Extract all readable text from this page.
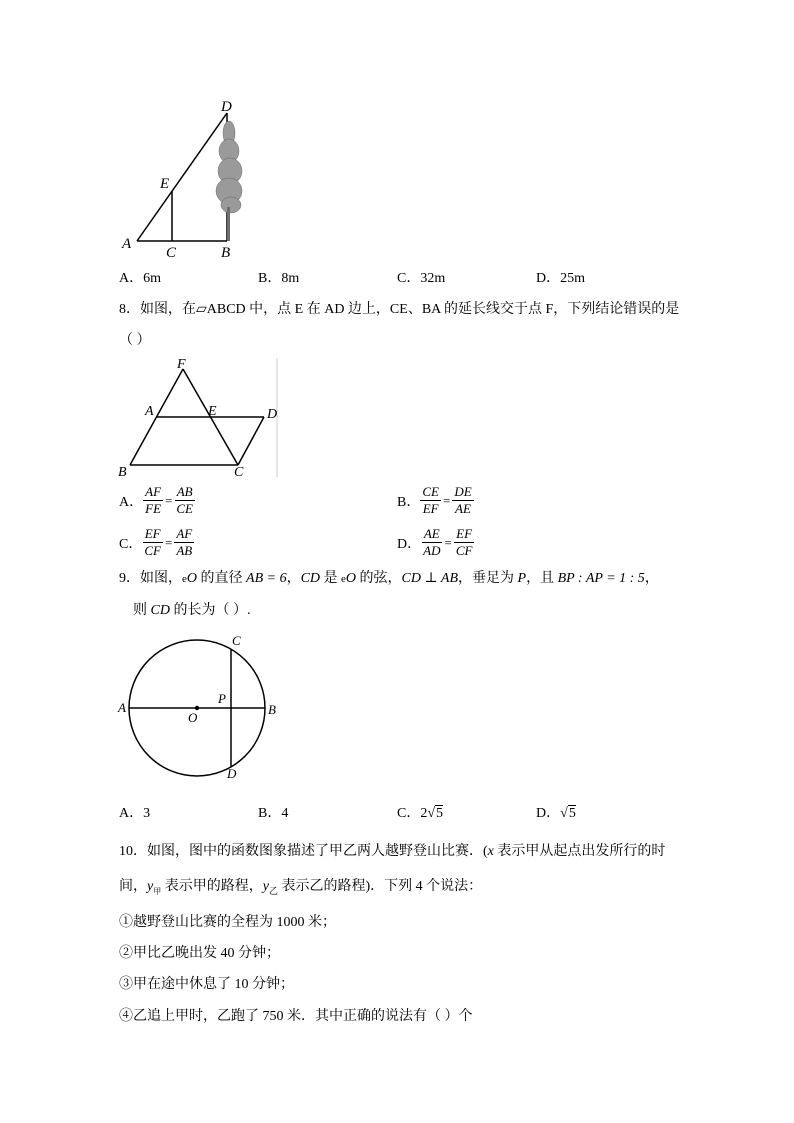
D
E
A
C	B
A．6m	B．8m	C．32m	D．25m
8．如图，在▱ABCD 中，点 E 在 AD 边上，CE、BA 的延长线交于点 F，下列结论错误的是
（ ）
F
A	E	D
B	C
A． $\frac{AF}{FE} = \frac{AB}{CE}$	B． $\frac{CE}{EF} = \frac{DE}{AE}$
C． $\frac{EF}{CF} = \frac{AF}{AB}$	D． $\frac{AE}{AD} = \frac{EF}{CF}$
9．如图，eO 的直径 AB = 6，CD 是 eO 的弦，CD ⊥ AB，垂足为 P，且 BP : AP = 1 : 5，
则 CD 的长为（ ）.
C
P
A	B
O
D
A．3	B．4	C．2√5	D．√5
10．如图，图中的函数图象描述了甲乙两人越野登山比赛．(x 表示甲从起点出发所行的时
间，$y_甲$ 表示甲的路程，$y_乙$ 表示乙的路程)．下列 4 个说法：
①越野登山比赛的全程为 1000 米；
②甲比乙晚出发 40 分钟；
③甲在途中休息了 10 分钟；
④乙追上甲时，乙跑了 750 米．其中正确的说法有（ ）个
